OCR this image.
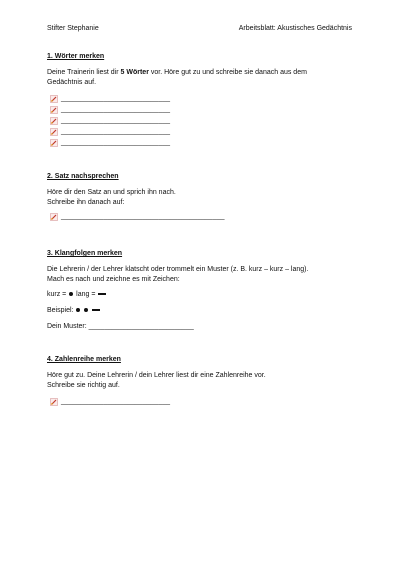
Stifter Stephanie	Arbeitsblatt: Akustisches Gedächtnis

1. Wörter merken

Deine Trainerin liest dir 5 Wörter vor. Höre gut zu und schreibe sie danach aus dem

Gedächtnis auf.

____________________________
____________________________
____________________________
____________________________
____________________________

2. Satz nachsprechen

Höre dir den Satz an und sprich ihn nach.

Schreibe ihn danach auf:

__________________________________________

3. Klangfolgen merken

Die Lehrerin / der Lehrer klatscht oder trommelt ein Muster (z. B. kurz – kurz – lang).

Mach es nach und zeichne es mit Zeichen:

kurz =  lang =

Beispiel:

Dein Muster: ___________________________

4. Zahlenreihe merken

Höre gut zu. Deine Lehrerin / dein Lehrer liest dir eine Zahlenreihe vor.

Schreibe sie richtig auf.

____________________________
